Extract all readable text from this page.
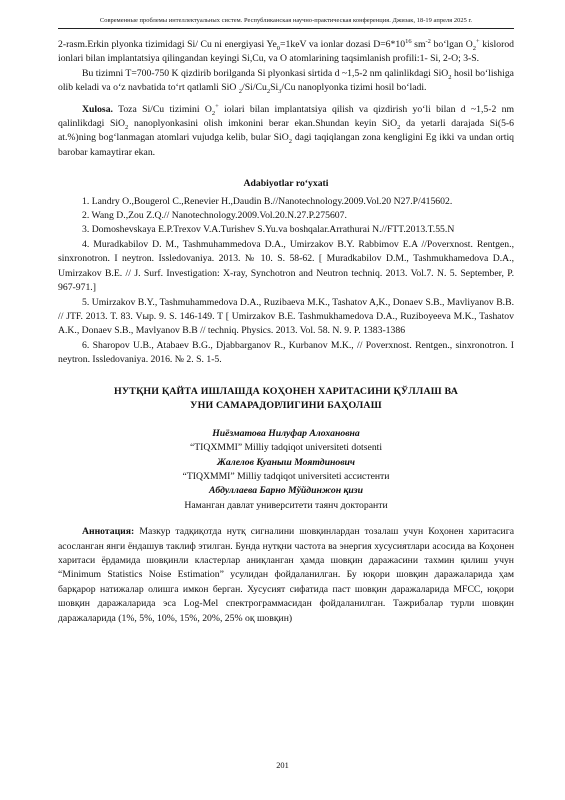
Современные проблемы интеллектуальных систем. Республиканская научно-практическая конференция. Джизак, 18-19 апреля 2025 г.

2-rasm.Erkin plyonka tizimidagi Si/ Cu ni energiyasi $Ye_0=1keV$ va ionlar dozasi $D=6*10^{16}$ $sm^{-2}$ bo‘lgan $O_2^+$ kislorod ionlari bilan implantatsiya qilingandan keyingi Si,Cu, va O atomlarining taqsimlanish profili:1- Si, 2-O; 3-S.

Bu tizimni T=700-750 K qizdirib borilganda Si plyonkasi sirtida d ~1,5-2 nm qalinlikdagi SiO$_2$ hosil bo‘lishiga olib keladi va o‘z navbatida to‘rt qatlamli SiO $_2/Si/Cu_2Si_3/Cu$ nanoplyonka tizimi hosil bo‘ladi.

Xulosa. Toza Si/Cu tizimini $O_2^+$ iolari bilan implantatsiya qilish va qizdirish yo‘li bilan d ~1,5-2 nm qalinlikdagi SiO$_2$ nanoplyonkasini olish imkonini berar ekan.Shundan keyin SiO$_2$ da yetarli darajada Si(5-6 at.%)ning bog‘lanmagan atomlari vujudga kelib, bular SiO$_2$ dagi taqiqlangan zona kengligini Eg ikki va undan ortiq barobar kamaytirar ekan.

Adabiyotlar ro‘yxati

1. Landry O.,Bougerol C.,Renevier H.,Daudin B.//Nanotechnology.2009.Vol.20 N27.P/415602.

2. Wang D.,Zou Z.Q.// Nanotechnology.2009.Vol.20.N.27.P.275607.

3. Domoshevskaya E.P.Trexov V.A.Turishev S.Yu.va boshqalar.Arrathurai N.//FTT.2013.T.55.N

4. Muradkabilov D. M., Tashmuhammedova D.A., Umirzakov B.Y. Rabbimov E.A //Poverxnost. Rentgen., sinxronotron. I neytron. Issledovaniya. 2013. № 10. S. 58-62. [ Muradkabilov D.M., Tashmukhamedova D.A., Umirzakov B.E. // J. Surf. Investigation: X-ray, Synchotron and Neutron techniq. 2013. Vol.7. N. 5. September, P. 967-971.]

5. Umirzakov B.Y., Tashmuhammedova D.A., Ruzibaeva M.K., Tashatov A,K., Donaev S.B., Mavliyanov B.B. // JTF. 2013. T. 83. Vыp. 9. S. 146-149. T [ Umirzakov B.E. Tashmukhamedova D.A., Ruziboyeeva M.K., Tashatov A.K., Donaev S.B., Mavlyanov B.B // techniq. Physics. 2013. Vol. 58. N. 9. P. 1383-1386

6. Sharopov U.B., Atabaev B.G., Djabbarganov R., Kurbanov M.K., // Poverxnost. Rentgen., sinxronotron. I neytron. Issledovaniya. 2016. № 2. S. 1-5.

НУТҚНИ ҚАЙТА ИШЛАШДА КОҲОНЕН ХАРИТАСИНИ ҚЎЛЛАШ ВА
УНИ САМАРАДОРЛИГИНИ БАҲОЛАШ
Ниёзматова Нилуфар Алохановна
“TIQXMMI” Milliy tadqiqot universiteti dotsenti
Жалелов Куаныш Моятдинович
“TIQXMMI” Milliy tadqiqot universiteti ассистенти
Абдуллаева Барно Мўйдинжон қизи
Наманган давлат университети таянч докторанти

Аннотация: Мазкур тадқиқотда нутқ сигналини шовқинлардан тозалаш учун Коҳонен харитасига асосланган янги ёндашув таклиф этилган. Бунда нутқни частота ва энергия хусусиятлари асосида ва Коҳонен харитаси ёрдамида шовқинли кластерлар аниқланган ҳамда шовқин даражасини тахмин қилиш учун “Minimum Statistics Noise Estimation” усулидан фойдаланилган. Бу юқори шовқин даражаларида ҳам барқарор натижалар олишга имкон берган. Хусусият сифатида паст шовқин даражаларида MFCC, юқори шовқин даражаларида эса Log-Mel спектрограммасидан фойдаланилган. Тажрибалар турли шовқин даражаларида (1%, 5%, 10%, 15%, 20%, 25% оқ шовқин)

201
